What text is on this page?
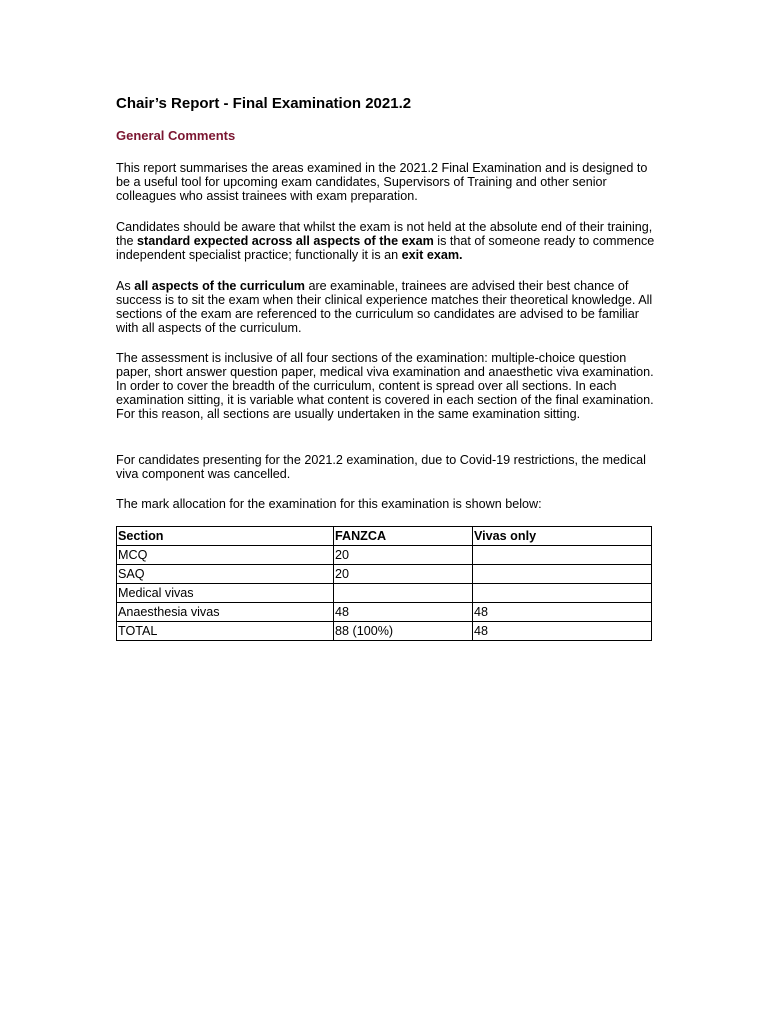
Chair’s Report - Final Examination 2021.2
General Comments

This report summarises the areas examined in the 2021.2 Final Examination and is designed to be a useful tool for upcoming exam candidates, Supervisors of Training and other senior colleagues who assist trainees with exam preparation.

Candidates should be aware that whilst the exam is not held at the absolute end of their training, the standard expected across all aspects of the exam is that of someone ready to commence independent specialist practice; functionally it is an exit exam.

As all aspects of the curriculum are examinable, trainees are advised their best chance of success is to sit the exam when their clinical experience matches their theoretical knowledge. All sections of the exam are referenced to the curriculum so candidates are advised to be familiar with all aspects of the curriculum.

The assessment is inclusive of all four sections of the examination: multiple-choice question paper, short answer question paper, medical viva examination and anaesthetic viva examination. In order to cover the breadth of the curriculum, content is spread over all sections. In each examination sitting, it is variable what content is covered in each section of the final examination. For this reason, all sections are usually undertaken in the same examination sitting.

For candidates presenting for the 2021.2 examination, due to Covid-19 restrictions, the medical viva component was cancelled.

The mark allocation for the examination for this examination is shown below:

Section	FANZCA	Vivas only
MCQ	20	
SAQ	20	
Medical vivas		
Anaesthesia vivas	48	48
TOTAL	88 (100%)	48
